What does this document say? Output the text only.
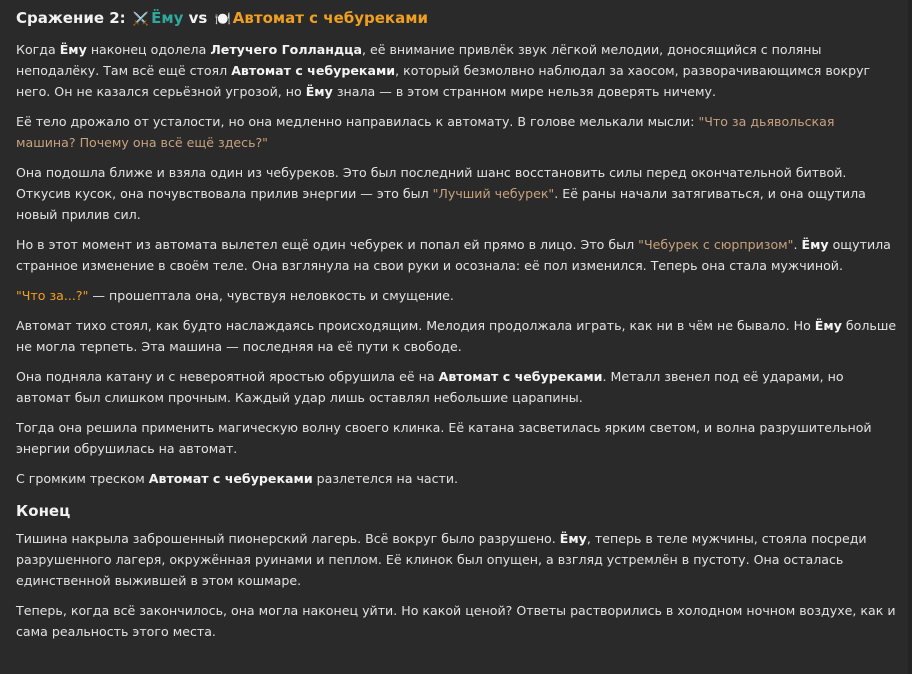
Сражение 2: ⚔️ Ёму vs 🍽️ Автомат с чебуреками

Когда Ёму наконец одолела Летучего Голландца, её внимание привлёк звук лёгкой мелодии, доносящийся с поляны неподалёку. Там всё ещё стоял Автомат с чебуреками, который безмолвно наблюдал за хаосом, разворачивающимся вокруг него. Он не казался серьёзной угрозой, но Ёму знала — в этом странном мире нельзя доверять ничему.

Её тело дрожало от усталости, но она медленно направилась к автомату. В голове мелькали мысли: "Что за дьявольская машина? Почему она всё ещё здесь?"

Она подошла ближе и взяла один из чебуреков. Это был последний шанс восстановить силы перед окончательной битвой. Откусив кусок, она почувствовала прилив энергии — это был "Лучший чебурек". Её раны начали затягиваться, и она ощутила новый прилив сил.

Но в этот момент из автомата вылетел ещё один чебурек и попал ей прямо в лицо. Это был "Чебурек с сюрпризом". Ёму ощутила странное изменение в своём теле. Она взглянула на свои руки и осознала: её пол изменился. Теперь она стала мужчиной.

"Что за...?" — прошептала она, чувствуя неловкость и смущение.

Автомат тихо стоял, как будто наслаждаясь происходящим. Мелодия продолжала играть, как ни в чём не бывало. Но Ёму больше не могла терпеть. Эта машина — последняя на её пути к свободе.

Она подняла катану и с невероятной яростью обрушила её на Автомат с чебуреками. Металл звенел под её ударами, но автомат был слишком прочным. Каждый удар лишь оставлял небольшие царапины.

Тогда она решила применить магическую волну своего клинка. Её катана засветилась ярким светом, и волна разрушительной энергии обрушилась на автомат.

С громким треском Автомат с чебуреками разлетелся на части.

Конец

Тишина накрыла заброшенный пионерский лагерь. Всё вокруг было разрушено. Ёму, теперь в теле мужчины, стояла посреди разрушенного лагеря, окружённая руинами и пеплом. Её клинок был опущен, а взгляд устремлён в пустоту. Она осталась единственной выжившей в этом кошмаре.

Теперь, когда всё закончилось, она могла наконец уйти. Но какой ценой? Ответы растворились в холодном ночном воздухе, как и сама реальность этого места.
